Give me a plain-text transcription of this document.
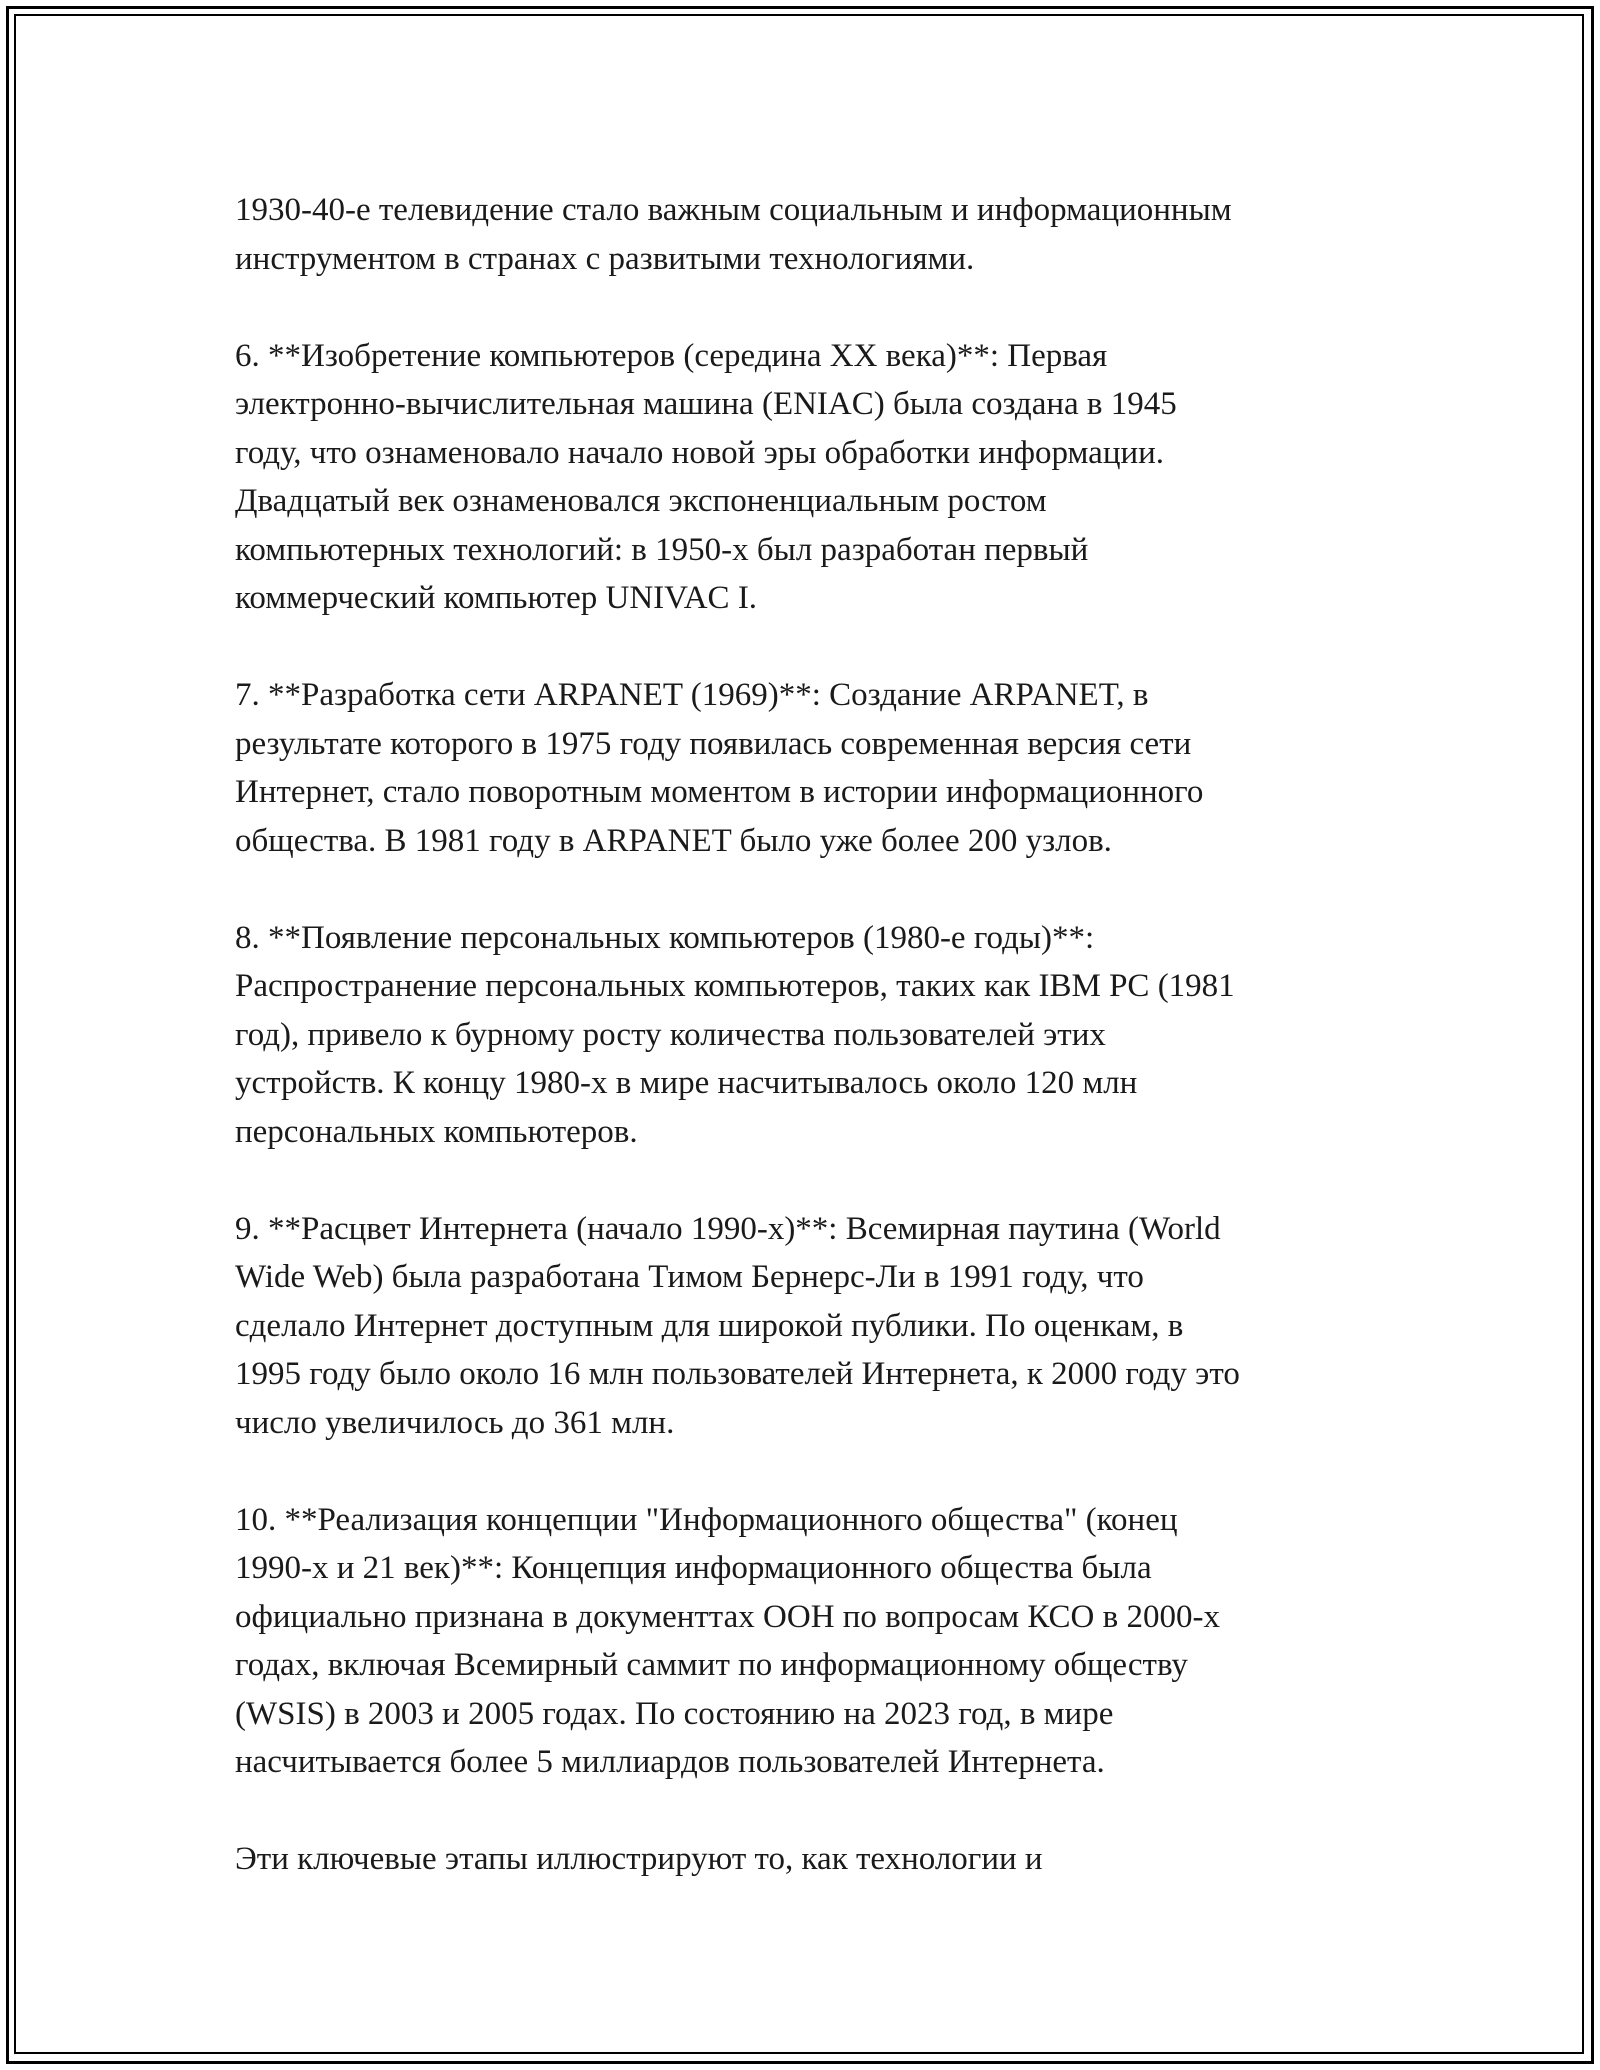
1930-40-е телевидение стало важным социальным и информационным
инструментом в странах с развитыми технологиями.

6. **Изобретение компьютеров (середина XX века)**: Первая
электронно-вычислительная машина (ENIAC) была создана в 1945
году, что ознаменовало начало новой эры обработки информации.
Двадцатый век ознаменовался экспоненциальным ростом
компьютерных технологий: в 1950-х был разработан первый
коммерческий компьютер UNIVAC I.

7. **Разработка сети ARPANET (1969)**: Создание ARPANET, в
результате которого в 1975 году появилась современная версия сети
Интернет, стало поворотным моментом в истории информационного
общества. В 1981 году в ARPANET было уже более 200 узлов.

8. **Появление персональных компьютеров (1980-е годы)**:
Распространение персональных компьютеров, таких как IBM PC (1981
год), привело к бурному росту количества пользователей этих
устройств. К концу 1980-х в мире насчитывалось около 120 млн
персональных компьютеров.

9. **Расцвет Интернета (начало 1990-х)**: Всемирная паутина (World
Wide Web) была разработана Тимом Бернерс-Ли в 1991 году, что
сделало Интернет доступным для широкой публики. По оценкам, в
1995 году было около 16 млн пользователей Интернета, к 2000 году это
число увеличилось до 361 млн.

10. **Реализация концепции "Информационного общества" (конец
1990-х и 21 век)**: Концепция информационного общества была
официально признана в документтах ООН по вопросам КСО в 2000-х
годах, включая Всемирный саммит по информационному обществу
(WSIS) в 2003 и 2005 годах. По состоянию на 2023 год, в мире
насчитывается более 5 миллиардов пользователей Интернета.

Эти ключевые этапы иллюстрируют то, как технологии и
